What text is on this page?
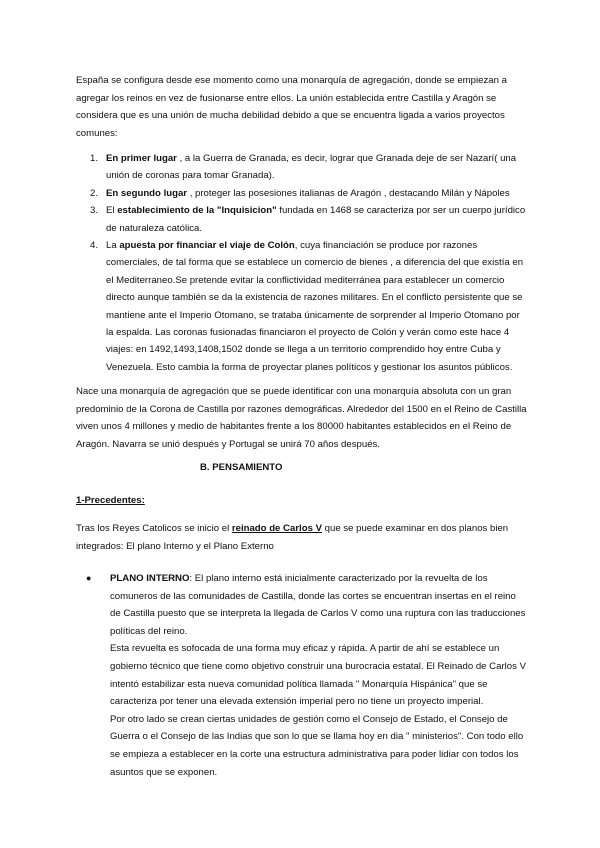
España se configura desde ese momento como una monarquía de agregación, donde se empiezan a agregar los reinos en vez de fusionarse entre ellos. La unión establecida entre Castilla y Aragón se considera que es una unión de mucha debilidad debido a que se encuentra ligada a varios proyectos comunes:

1. En primer lugar , a la Guerra de Granada, es decir, lograr que Granada deje de ser Nazarí( una unión de coronas para tomar Granada).
2. En segundo lugar , proteger las posesiones italianas de Aragón , destacando Milán y Nápoles
3. El establecimiento de la "Inquisicion" fundada en 1468 se caracteriza por ser un cuerpo jurídico de naturaleza católica.
4. La apuesta por financiar el viaje de Colón, cuya financiación se produce por razones comerciales, de tal forma que se establece un comercio de bienes , a diferencia del que existía en el Mediterraneo.Se pretende evitar la conflictividad mediterránea para establecer un comercio directo aunque también se da la existencia de razones militares. En el conflicto persistente que se mantiene ante el Imperio Otomano, se trataba únicamente de sorprender al Imperio Otomano por la espalda. Las coronas fusionadas financiaron el proyecto de Colón y verán como este hace 4 viajes: en 1492,1493,1408,1502 donde se llega a un territorio comprendido hoy entre Cuba y Venezuela. Esto cambia la forma de proyectar planes políticos y gestionar los asuntos públicos.

Nace una monarquía de agregación que se puede identificar con una monarquía absoluta con un gran predominio de la Corona de Castilla por razones demográficas. Alrededor del 1500 en el Reino de Castilla viven unos 4 millones y medio de habitantes frente a los 80000 habitantes establecidos en el Reino de Aragón. Navarra se unió después y Portugal se unirá 70 años después.

B. PENSAMIENTO
1-Precedentes:

Tras los Reyes Catolicos se inicio el reinado de Carlos V que se puede examinar en dos planos bien integrados: El plano Interno y el Plano Externo

● PLANO INTERNO: El plano interno está inicialmente caracterizado por la revuelta de los comuneros de las comunidades de Castilla, donde las cortes se encuentran insertas en el reino de Castilla puesto que se interpreta la llegada de Carlos V como una ruptura con las traducciones políticas del reino.
Esta revuelta es sofocada de una forma muy eficaz y rápida. A partir de ahí se establece un gobierno técnico que tiene como objetivo construir una burocracia estatal. El Reinado de Carlos V intentó estabilizar esta nueva comunidad política llamada " Monarquía Hispánica" que se caracteriza por tener una elevada extensión imperial pero no tiene un proyecto imperial.
Por otro lado se crean ciertas unidades de gestión como el Consejo de Estado, el Consejo de Guerra o el Consejo de las Indias que son lo que se llama hoy en dia " ministerios". Con todo ello se empieza a establecer en la corte una estructura administrativa para poder lidiar con todos los asuntos que se exponen.
